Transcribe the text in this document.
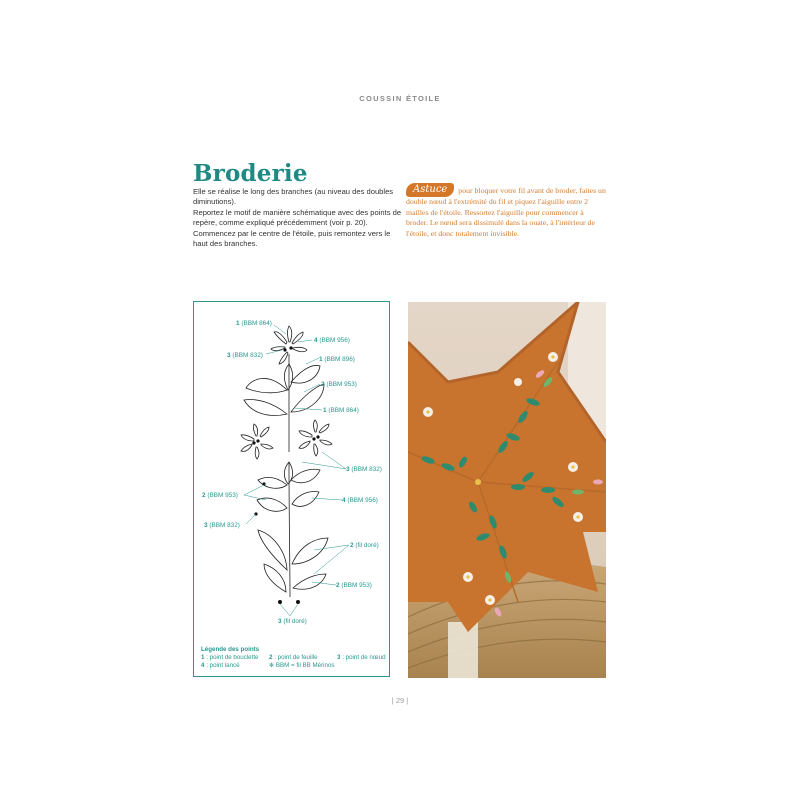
COUSSIN ÉTOILE
Broderie

Elle se réalise le long des branches (au niveau des doubles diminutions).

Reportez le motif de manière schématique avec des points de repère, comme expliqué précédemment (voir p. 20).

Commencez par le centre de l'étoile, puis remontez vers le haut des branches.

Astuce pour bloquer votre fil avant de broder, faites un double nœud à l'extrémité du fil et piquez l'aiguille entre 2 mailles de l'étoile. Ressortez l'aiguille pour commencer à broder. Le nœud sera dissimulé dans la ouate, à l'intérieur de l'étoile, et donc totalement invisible.
1 (BBM 864)
4 (BBM 956)
3 (BBM 832)
1 (BBM 896)
2 (BBM 953)
1 (BBM 864)
3 (BBM 832)
2 (BBM 953)
4 (BBM 956)
3 (BBM 832)
2 (fil doré)
2 (BBM 953)
3 (fil doré)
Légende des points
1 : point de bouclette	2 : point de feuille	3 : point de nœud
4 : point lancé	✻ BBM = fil BB Mérinos
| 29 |
